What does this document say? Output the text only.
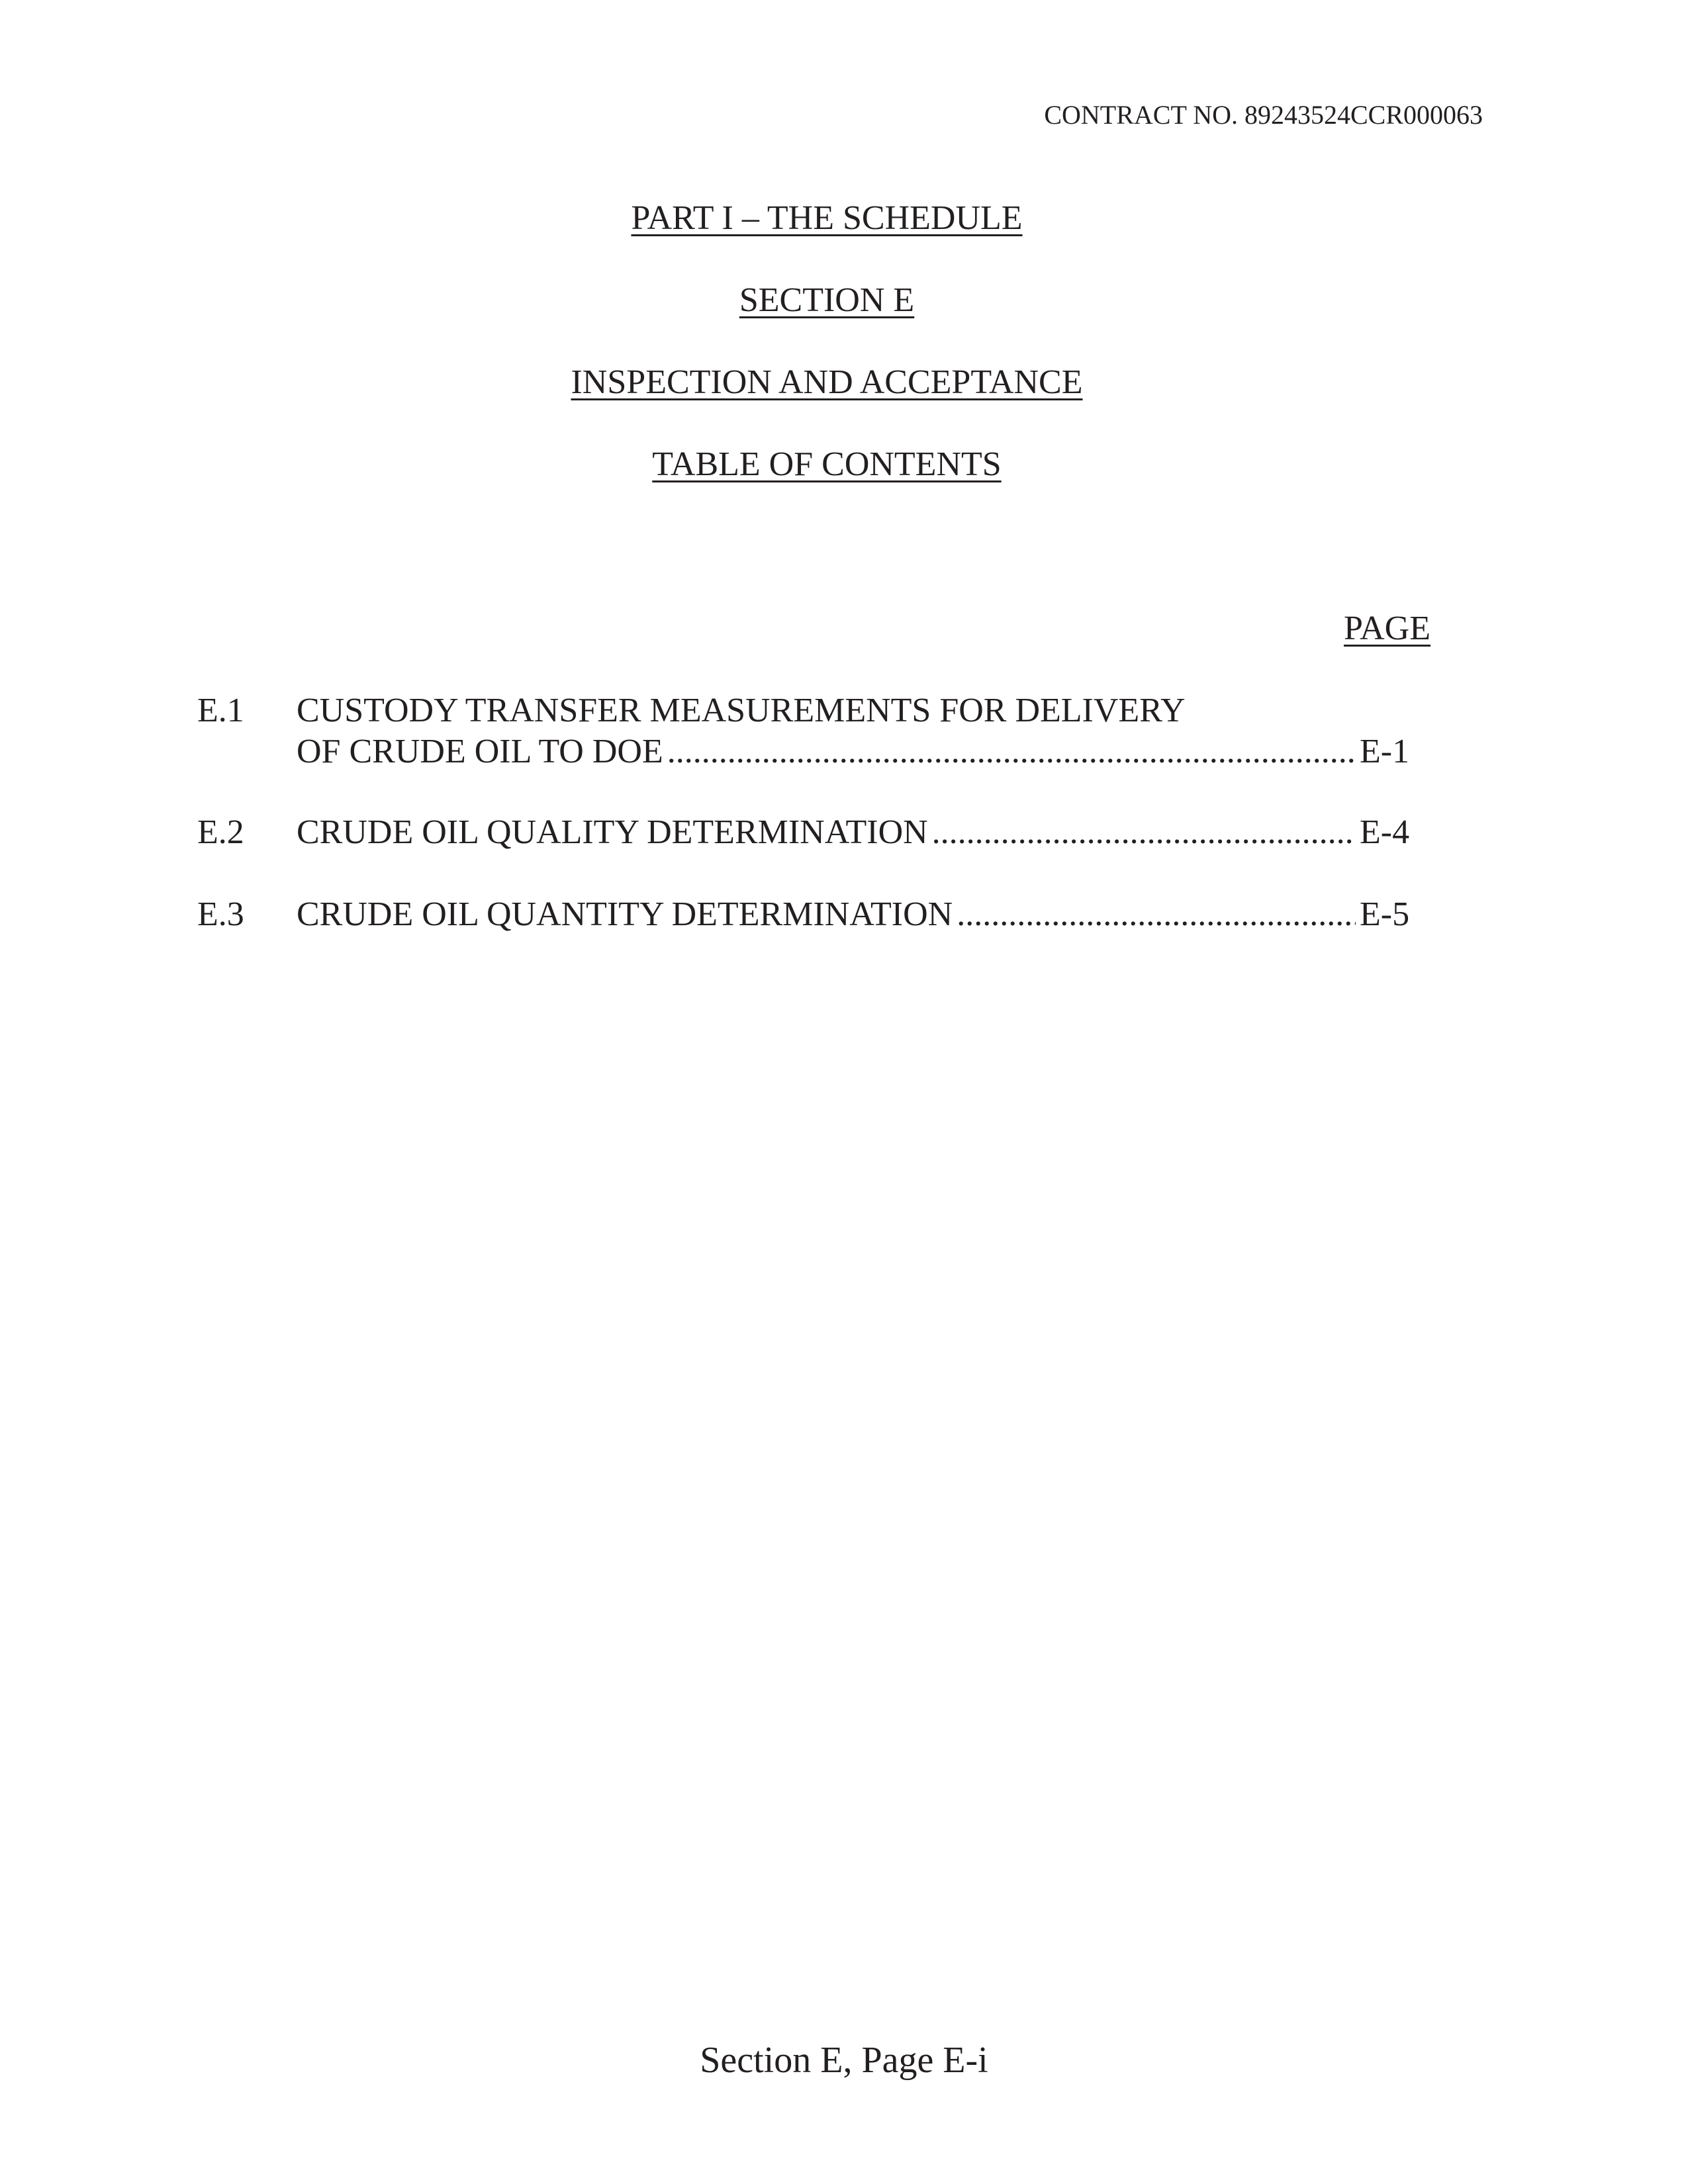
CONTRACT NO. 89243524CCR000063
PART I – THE SCHEDULE
SECTION E
INSPECTION AND ACCEPTANCE
TABLE OF CONTENTS
PAGE
E.1 CUSTODY TRANSFER MEASUREMENTS FOR DELIVERY
OF CRUDE OIL TO DOE .....	E-1
E.2 CRUDE OIL QUALITY DETERMINATION .....	E-4
E.3 CRUDE OIL QUANTITY DETERMINATION .....	E-5
Section E, Page E-i
